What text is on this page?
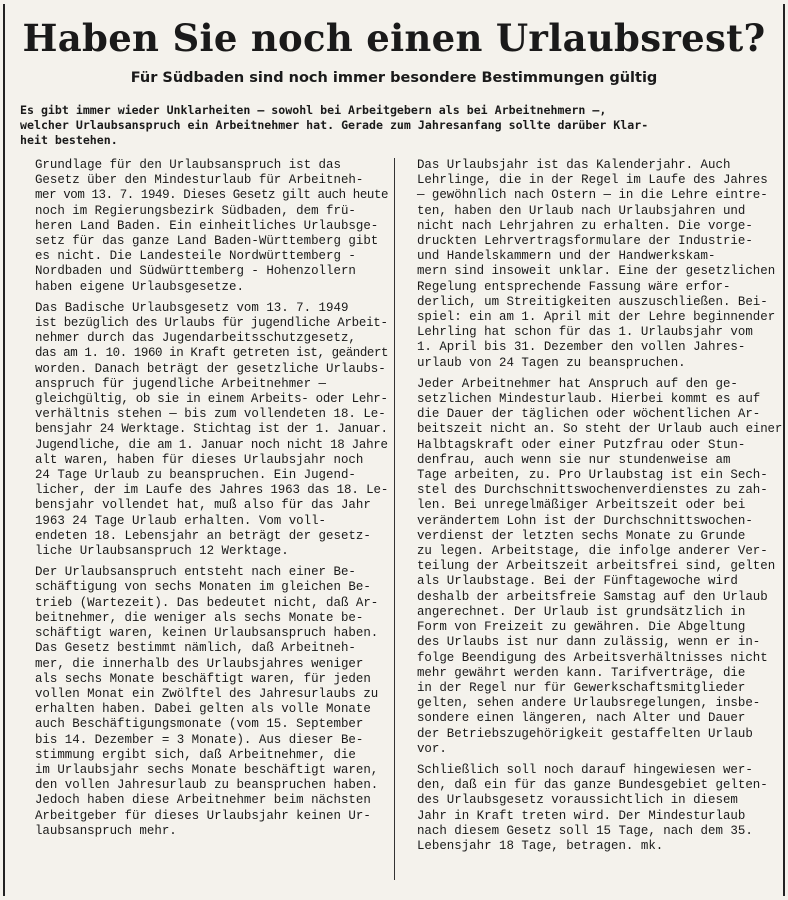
Haben Sie noch einen Urlaubsrest?
Für Südbaden sind noch immer besondere Bestimmungen gültig
Es gibt immer wieder Unklarheiten — sowohl bei Arbeitgebern als bei Arbeitnehmern —,
welcher Urlaubsanspruch ein Arbeitnehmer hat. Gerade zum Jahresanfang sollte darüber Klar-
heit bestehen.

Grundlage für den Urlaubsanspruch ist das
Gesetz über den Mindesturlaub für Arbeitneh-
mer vom 13. 7. 1949. Dieses Gesetz gilt auch heute
noch im Regierungsbezirk Südbaden, dem frü-
heren Land Baden. Ein einheitliches Urlaubsge-
setz für das ganze Land Baden-Württemberg gibt
es nicht. Die Landesteile Nordwürttemberg -
Nordbaden und Südwürttemberg - Hohenzollern
haben eigene Urlaubsgesetze.

Das Badische Urlaubsgesetz vom 13. 7. 1949
ist bezüglich des Urlaubs für jugendliche Arbeit-
nehmer durch das Jugendarbeitsschutzgesetz,
das am 1. 10. 1960 in Kraft getreten ist, geändert
worden. Danach beträgt der gesetzliche Urlaubs-
anspruch für jugendliche Arbeitnehmer —
gleichgültig, ob sie in einem Arbeits- oder Lehr-
verhältnis stehen — bis zum vollendeten 18. Le-
bensjahr 24 Werktage. Stichtag ist der 1. Januar.
Jugendliche, die am 1. Januar noch nicht 18 Jahre
alt waren, haben für dieses Urlaubsjahr noch
24 Tage Urlaub zu beanspruchen. Ein Jugend-
licher, der im Laufe des Jahres 1963 das 18. Le-
bensjahr vollendet hat, muß also für das Jahr
1963 24 Tage Urlaub erhalten. Vom voll-
endeten 18. Lebensjahr an beträgt der gesetz-
liche Urlaubsanspruch 12 Werktage.

Der Urlaubsanspruch entsteht nach einer Be-
schäftigung von sechs Monaten im gleichen Be-
trieb (Wartezeit). Das bedeutet nicht, daß Ar-
beitnehmer, die weniger als sechs Monate be-
schäftigt waren, keinen Urlaubsanspruch haben.
Das Gesetz bestimmt nämlich, daß Arbeitneh-
mer, die innerhalb des Urlaubsjahres weniger
als sechs Monate beschäftigt waren, für jeden
vollen Monat ein Zwölftel des Jahresurlaubs zu
erhalten haben. Dabei gelten als volle Monate
auch Beschäftigungsmonate (vom 15. September
bis 14. Dezember = 3 Monate). Aus dieser Be-
stimmung ergibt sich, daß Arbeitnehmer, die
im Urlaubsjahr sechs Monate beschäftigt waren,
den vollen Jahresurlaub zu beanspruchen haben.
Jedoch haben diese Arbeitnehmer beim nächsten
Arbeitgeber für dieses Urlaubsjahr keinen Ur-
laubsanspruch mehr.

Das Urlaubsjahr ist das Kalenderjahr. Auch
Lehrlinge, die in der Regel im Laufe des Jahres
— gewöhnlich nach Ostern — in die Lehre eintre-
ten, haben den Urlaub nach Urlaubsjahren und
nicht nach Lehrjahren zu erhalten. Die vorge-
druckten Lehrvertragsformulare der Industrie-
und Handelskammern und der Handwerkskam-
mern sind insoweit unklar. Eine der gesetzlichen
Regelung entsprechende Fassung wäre erfor-
derlich, um Streitigkeiten auszuschließen. Bei-
spiel: ein am 1. April mit der Lehre beginnender
Lehrling hat schon für das 1. Urlaubsjahr vom
1. April bis 31. Dezember den vollen Jahres-
urlaub von 24 Tagen zu beanspruchen.

Jeder Arbeitnehmer hat Anspruch auf den ge-
setzlichen Mindesturlaub. Hierbei kommt es auf
die Dauer der täglichen oder wöchentlichen Ar-
beitszeit nicht an. So steht der Urlaub auch einer
Halbtagskraft oder einer Putzfrau oder Stun-
denfrau, auch wenn sie nur stundenweise am
Tage arbeiten, zu. Pro Urlaubstag ist ein Sech-
stel des Durchschnittswochenverdienstes zu zah-
len. Bei unregelmäßiger Arbeitszeit oder bei
verändertem Lohn ist der Durchschnittswochen-
verdienst der letzten sechs Monate zu Grunde
zu legen. Arbeitstage, die infolge anderer Ver-
teilung der Arbeitszeit arbeitsfrei sind, gelten
als Urlaubstage. Bei der Fünftagewoche wird
deshalb der arbeitsfreie Samstag auf den Urlaub
angerechnet. Der Urlaub ist grundsätzlich in
Form von Freizeit zu gewähren. Die Abgeltung
des Urlaubs ist nur dann zulässig, wenn er in-
folge Beendigung des Arbeitsverhältnisses nicht
mehr gewährt werden kann. Tarifverträge, die
in der Regel nur für Gewerkschaftsmitglieder
gelten, sehen andere Urlaubsregelungen, insbe-
sondere einen längeren, nach Alter und Dauer
der Betriebszugehörigkeit gestaffelten Urlaub
vor.

Schließlich soll noch darauf hingewiesen wer-
den, daß ein für das ganze Bundesgebiet gelten-
des Urlaubsgesetz voraussichtlich in diesem
Jahr in Kraft treten wird. Der Mindesturlaub
nach diesem Gesetz soll 15 Tage, nach dem 35.
Lebensjahr 18 Tage, betragen. mk.
